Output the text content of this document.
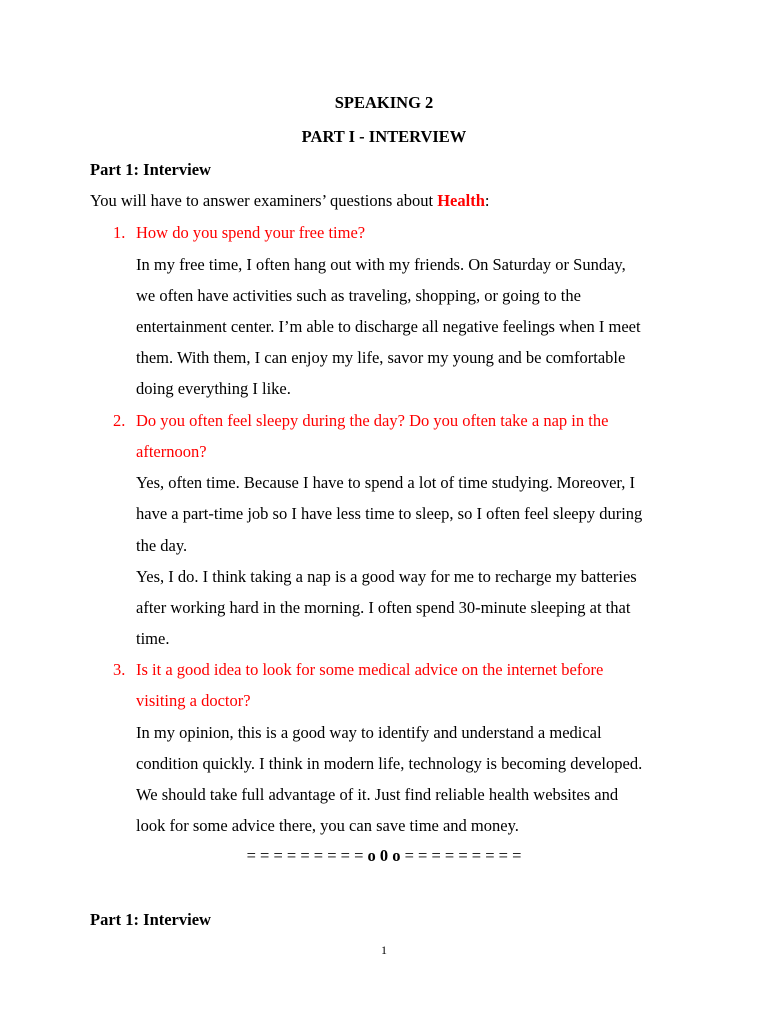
SPEAKING 2
PART I - INTERVIEW
Part 1: Interview
You will have to answer examiners’ questions about Health:
1. How do you spend your free time?
In my free time, I often hang out with my friends. On Saturday or Sunday,
we often have activities such as traveling, shopping, or going to the
entertainment center. I’m able to discharge all negative feelings when I meet
them. With them, I can enjoy my life, savor my young and be comfortable
doing everything I like.
2. Do you often feel sleepy during the day? Do you often take a nap in the
afternoon?
Yes, often time. Because I have to spend a lot of time studying. Moreover, I
have a part-time job so I have less time to sleep, so I often feel sleepy during
the day.
Yes, I do. I think taking a nap is a good way for me to recharge my batteries
after working hard in the morning. I often spend 30-minute sleeping at that
time.
3. Is it a good idea to look for some medical advice on the internet before
visiting a doctor?
In my opinion, this is a good way to identify and understand a medical
condition quickly. I think in modern life, technology is becoming developed.
We should take full advantage of it. Just find reliable health websites and
look for some advice there, you can save time and money.
= = = = = = = = = o 0 o = = = = = = = = =
Part 1: Interview
1
